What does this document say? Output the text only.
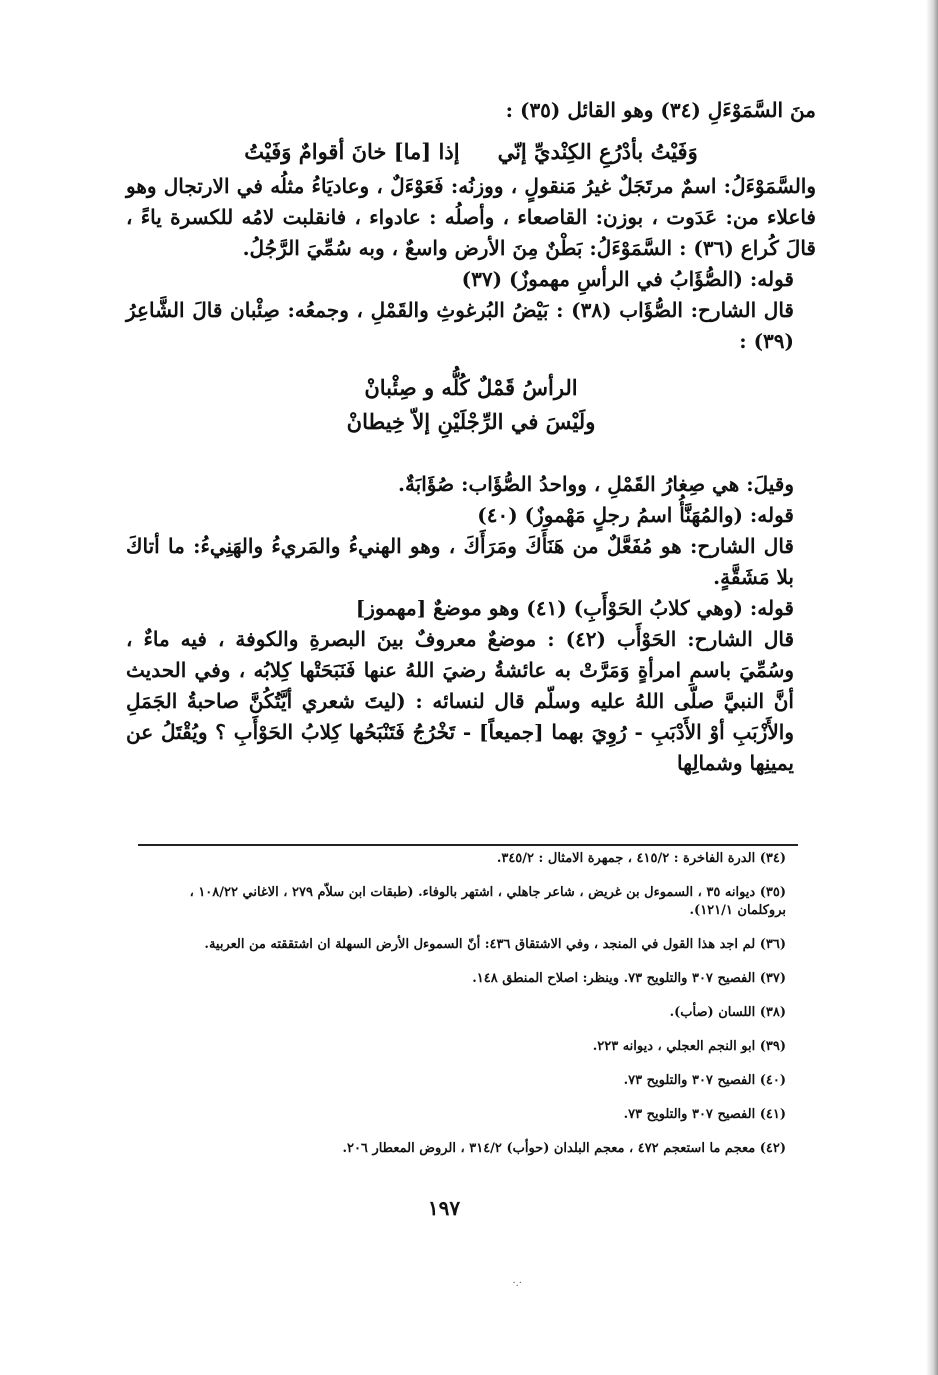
منَ السَّمَوْءَلِ (٣٤) وهو القائل (٣٥) :

وَفَيْتُ بأدْرُعِ الكِنْديِّ إنّي
إذا [ما] خانَ أقوامٌ وَفَيْتُ

والسَّمَوْءَلُ: اسمٌ مرتَجَلٌ غيرُ مَنقولٍ ، ووزنُه: فَعَوْءَلٌ ، وعاديَاءُ مثلُه في الارتجال وهو فاعلاء من: عَدَوت ، بوزن: القاصعاء ، وأصلُه : عادواء ، فانقلبت لامُه للكسرة ياءً ، قالَ كُراع (٣٦) : السَّمَوْءَلُ: بَطْنٌ مِنَ الأرض واسعٌ ، وبه سُمِّيَ الرَّجُلُ.

قوله: (الصُّؤَابُ في الرأسِ مهموزٌ) (٣٧)

قال الشارح: الصُّؤَاب (٣٨) : بَيْضُ البُرغوثِ والقَمْلِ ، وجمعُه: صِئْبان قالَ الشَّاعِرُ (٣٩) :

الرأسُ قَمْلٌ كُلُّه و صِئْبانْ
ولَيْسَ في الرِّجْلَيْنِ إلاّ خِيطانْ

وقيلَ: هي صِغارُ القَمْلِ ، وواحدُ الصُّؤَاب: صُؤَابَةٌ.

قوله: (والمُهَنَّأُ اسمُ رجلٍ مَهْموزٌ) (٤٠)

قال الشارح: هو مُفَعَّلٌ من هَنَأَكَ ومَرَأَكَ ، وهو الهنيءُ والمَريءُ والهَنِيءُ: ما أتاكَ بلا مَشَقَّةٍ.

قوله: (وهي كلابُ الحَوْأَبِ) (٤١) وهو موضعٌ [مهموز]

قال الشارح: الحَوْأَب (٤٢) : موضعٌ معروفٌ بينَ البصرةِ والكوفة ، فيه ماءٌ ، وسُمِّيَ باسمِ امرأةٍ وَمَرَّتْ به عائشةُ رضيَ اللهُ عنها فَنَبَحَتْها كِلابُه ، وفي الحديث أنَّ النبيَّ صلّى اللهُ عليه وسلّم قال لنسائه : (ليتَ شعري أيَّتُكُنَّ صاحبةُ الجَمَلِ والأَزْبَبِ أوْ الأَدْبَبِ - رُوِيَ بهما [جميعاً] - تَخْرُجُ فَتَنْبَحُها كِلابُ الحَوْأَبِ ؟ ويُقْتَلُ عن يمينِها وشمالِها

(٣٤) الدرة الفاخرة : ٤١٥/٢ ، جمهرة الامثال : ٣٤٥/٢.

(٣٥) ديوانه ٣٥ ، السموءل بن غريض ، شاعر جاهلي ، اشتهر بالوفاء. (طبقات ابن سلاّم ٢٧٩ ، الاغاني ١٠٨/٢٢ ،

بروكلمان ١٢١/١).

(٣٦) لم اجد هذا القول في المنجد ، وفي الاشتقاق ٤٣٦: أنّ السموءل الأرض السهلة ان اشتققته من العربية.

(٣٧) الفصيح ٣٠٧ والتلويح ٧٣. وينظر: اصلاح المنطق ١٤٨.

(٣٨) اللسان (صأب).

(٣٩) ابو النجم العجلي ، ديوانه ٢٢٣.

(٤٠) الفصيح ٣٠٧ والتلويح ٧٣.

(٤١) الفصيح ٣٠٧ والتلويح ٧٣.

(٤٢) معجم ما استعجم ٤٧٢ ، معجم البلدان (حوأب) ٣١٤/٢ ، الروض المعطار ٢٠٦.

١٩٧
·.·
